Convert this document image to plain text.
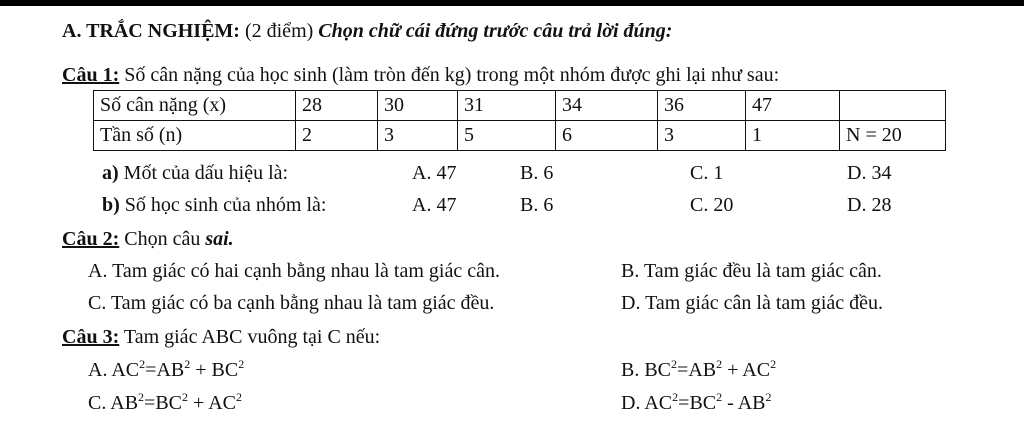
A. TRẮC NGHIỆM: (2 điểm) Chọn chữ cái đứng trước câu trả lời đúng:
Câu 1: Số cân nặng của học sinh (làm tròn đến kg) trong một nhóm được ghi lại như sau:
Số cân nặng (x)	28	30	31	34	36	47	
Tần số (n)	2	3	5	6	3	1	N = 20
a) Mốt của dấu hiệu là:	A. 47	B. 6	C. 1	D. 34
b) Số học sinh của nhóm là:	A. 47	B. 6	C. 20	D. 28
Câu 2: Chọn câu sai.
A. Tam giác có hai cạnh bằng nhau là tam giác cân.	B. Tam giác đều là tam giác cân.
C. Tam giác có ba cạnh bằng nhau là tam giác đều.	D. Tam giác cân là tam giác đều.
Câu 3: Tam giác ABC vuông tại C nếu:
A. $AC^2=AB^2 + BC^2$	B. $BC^2=AB^2 + AC^2$
C. $AB^2=BC^2 + AC^2$	D. $AC^2=BC^2 - AB^2$
